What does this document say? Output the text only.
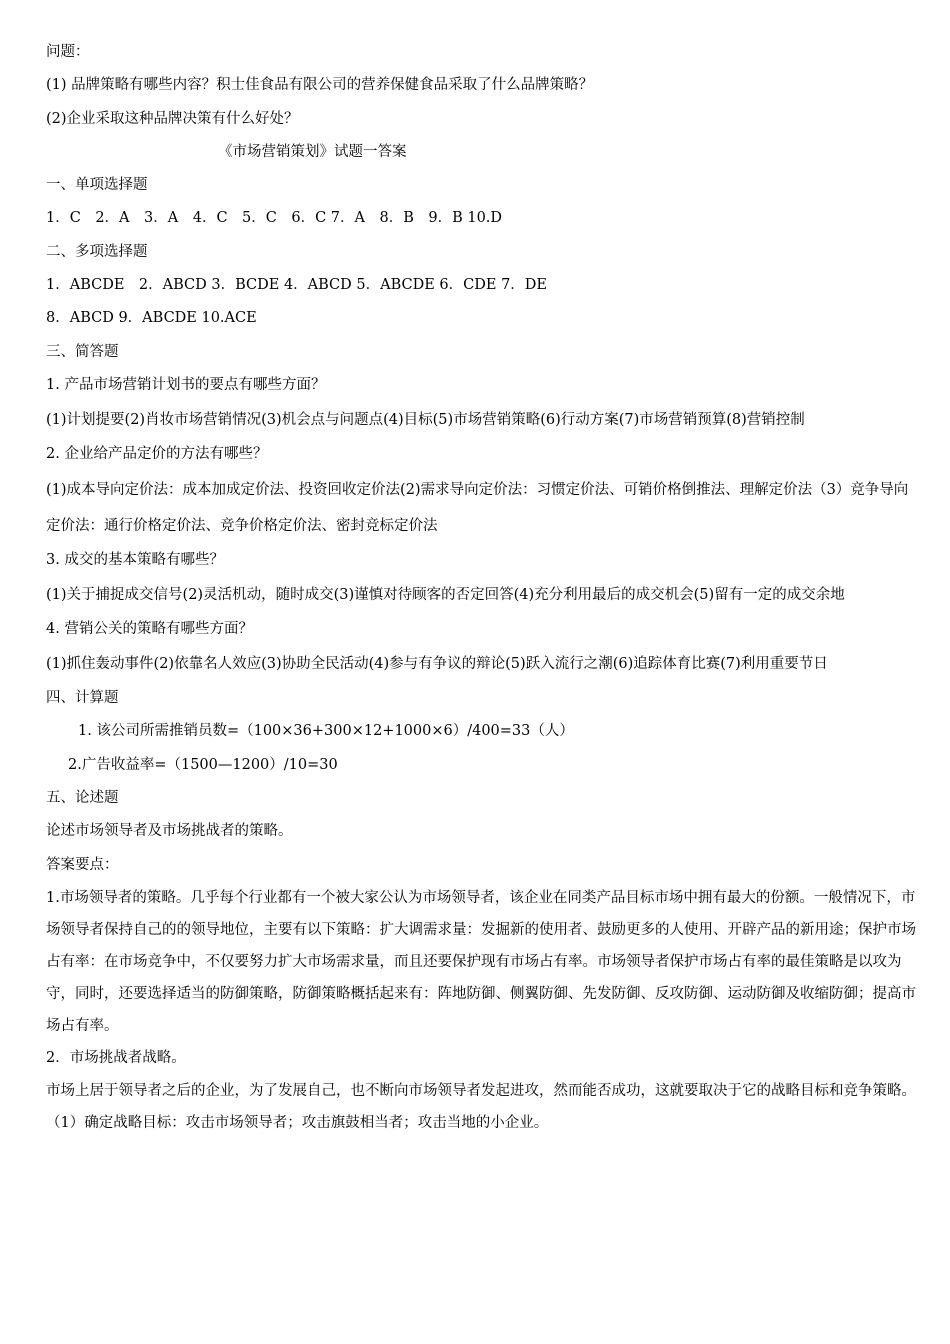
问题：
(1) 品牌策略有哪些内容？积士佳食品有限公司的营养保健食品采取了什么品牌策略？
(2)企业采取这种品牌决策有什么好处？
《市场营销策划》试题一答案
一、单项选择题
1．C　2．A　3．A　4．C　5．C　6．C 7．A　8．B　9．B 10.D
二、多项选择题
1．ABCDE　2．ABCD 3．BCDE 4．ABCD 5．ABCDE 6．CDE 7．DE
8．ABCD 9．ABCDE 10.ACE
三、简答题
1. 产品市场营销计划书的要点有哪些方面？
(1)计划提要(2)肖妆市场营销情况(3)机会点与问题点(4)目标(5)市场营销策略(6)行动方案(7)市场营销预算(8)营销控制
2. 企业给产品定价的方法有哪些？
(1)成本导向定价法：成本加成定价法、投资回收定价法(2)需求导向定价法：习惯定价法、可销价格倒推法、理解定价法（3）竞争导向定价法：通行价格定价法、竞争价格定价法、密封竞标定价法
3. 成交的基本策略有哪些？
(1)关于捕捉成交信号(2)灵活机动，随时成交(3)谨慎对待顾客的否定回答(4)充分利用最后的成交机会(5)留有一定的成交余地
4. 营销公关的策略有哪些方面？
(1)抓住轰动事件(2)依靠名人效应(3)协助全民活动(4)参与有争议的辩论(5)跃入流行之潮(6)追踪体育比赛(7)利用重要节日
四、计算题
1. 该公司所需推销员数=（100×36+300×12+1000×6）/400=33（人）
2.广告收益率=（1500—1200）/10=30
五、论述题
论述市场领导者及市场挑战者的策略。
答案要点：
1.市场领导者的策略。几乎每个行业都有一个被大家公认为市场领导者，该企业在同类产品目标市场中拥有最大的份额。一般情况下，市场领导者保持自己的的领导地位，主要有以下策略：扩大调需求量：发掘新的使用者、鼓励更多的人使用、开辟产品的新用途；保护市场占有率：在市场竞争中，不仅要努力扩大市场需求量，而且还要保护现有市场占有率。市场领导者保护市场占有率的最佳策略是以攻为守，同时，还要选择适当的防御策略，防御策略概括起来有：阵地防御、侧翼防御、先发防御、反攻防御、运动防御及收缩防御；提高市场占有率。
2．市场挑战者战略。
市场上居于领导者之后的企业，为了发展自己，也不断向市场领导者发起进攻，然而能否成功，这就要取决于它的战略目标和竞争策略。
（1）确定战略目标：攻击市场领导者；攻击旗鼓相当者；攻击当地的小企业。
